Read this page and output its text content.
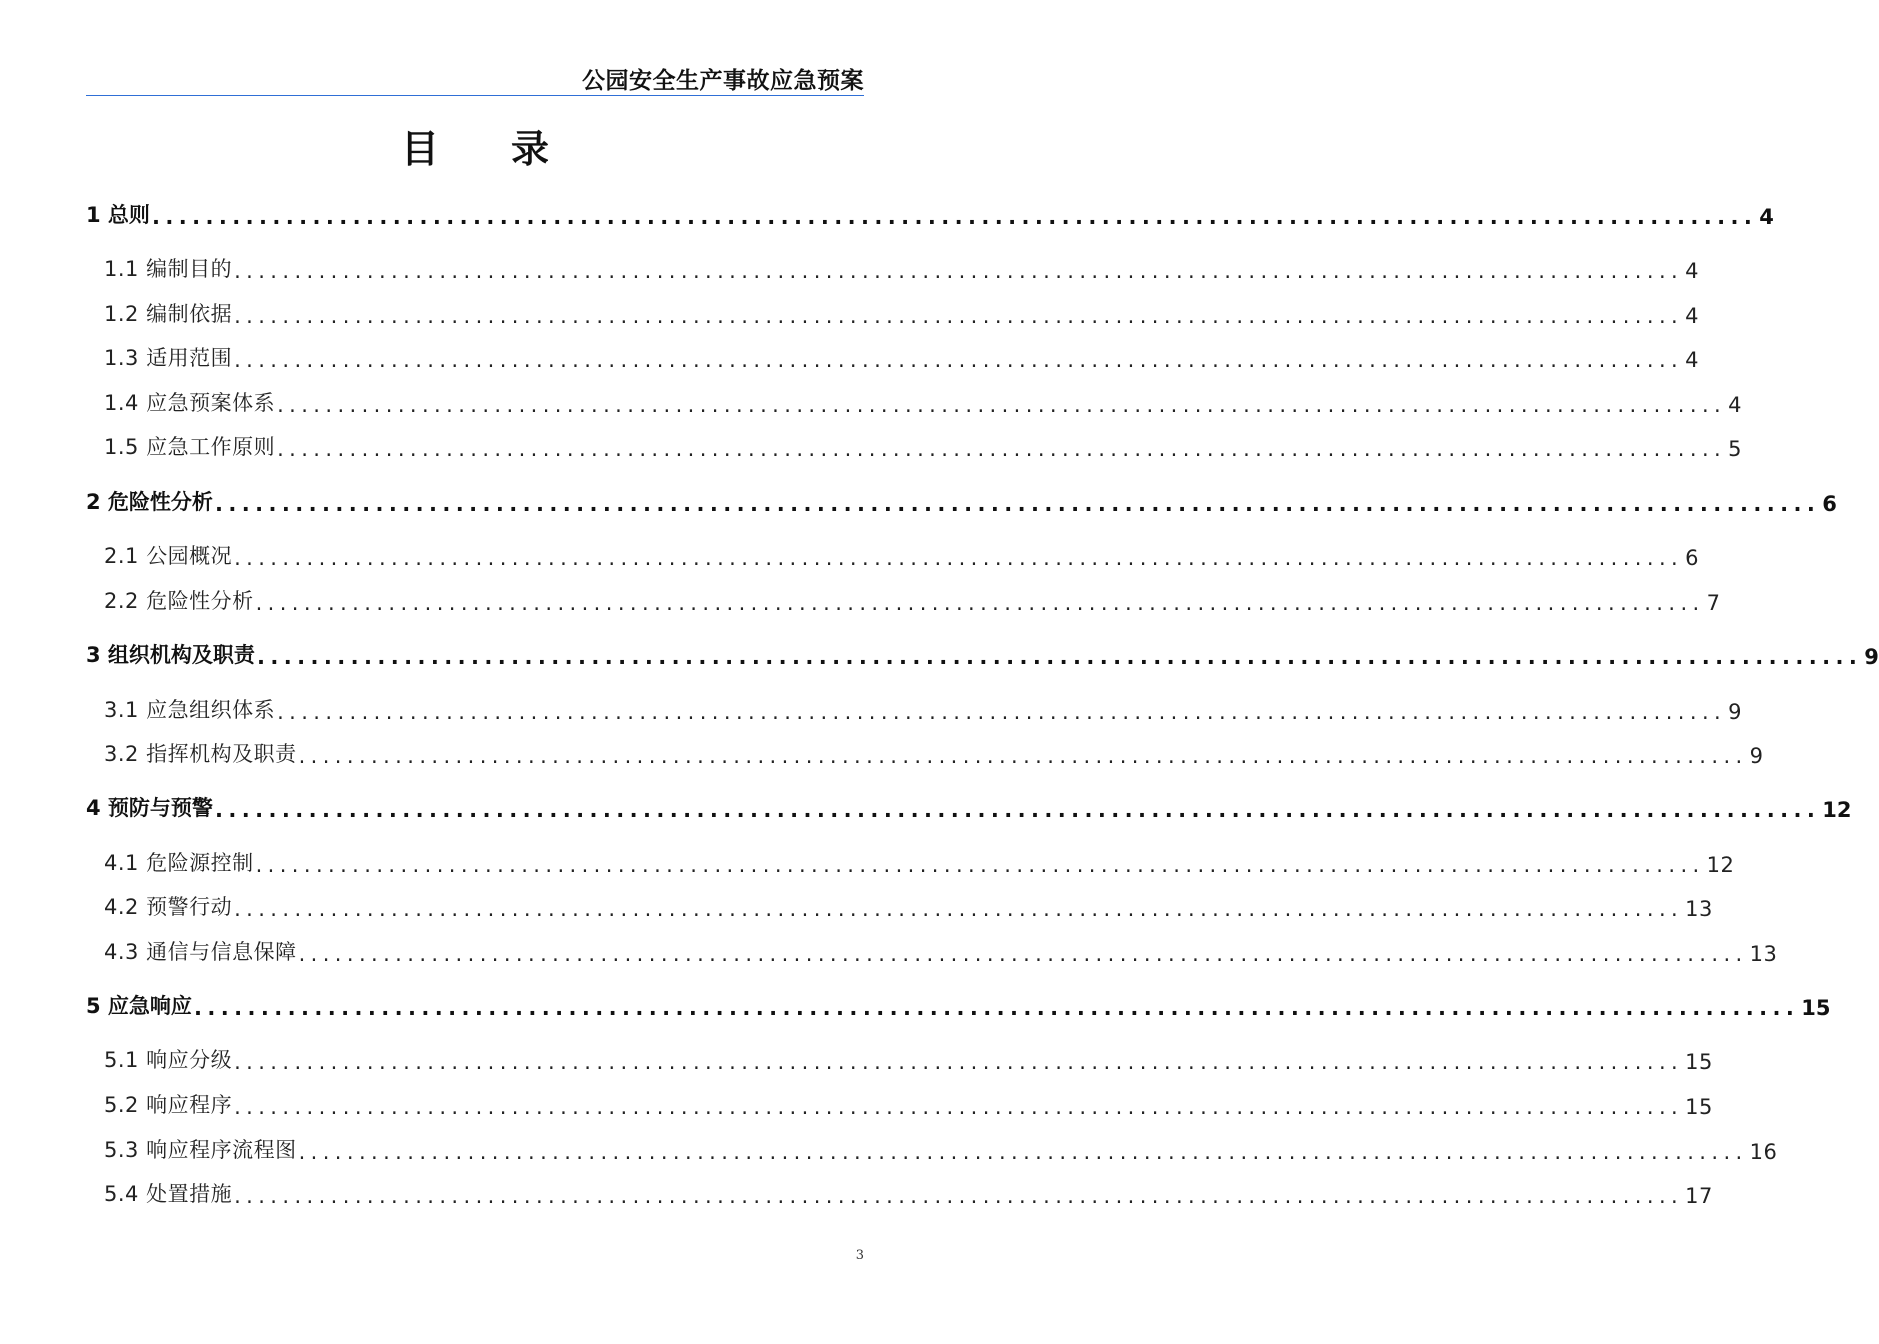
公园安全生产事故应急预案
目录
1 总则 ........................................................................................................................ 4
1.1 编制目的 ........................................................................................................................ 4
1.2 编制依据 ........................................................................................................................ 4
1.3 适用范围 ........................................................................................................................ 4
1.4 应急预案体系 ........................................................................................................................ 4
1.5 应急工作原则 ........................................................................................................................ 5
2 危险性分析 ........................................................................................................................ 6
2.1 公园概况 ........................................................................................................................ 6
2.2 危险性分析 ........................................................................................................................ 7
3 组织机构及职责 ........................................................................................................................ 9
3.1 应急组织体系 ........................................................................................................................ 9
3.2 指挥机构及职责 ........................................................................................................................ 9
4 预防与预警 ........................................................................................................................ 12
4.1 危险源控制 ........................................................................................................................ 12
4.2 预警行动 ........................................................................................................................ 13
4.3 通信与信息保障 ........................................................................................................................ 13
5 应急响应 ........................................................................................................................ 15
5.1 响应分级 ........................................................................................................................ 15
5.2 响应程序 ........................................................................................................................ 15
5.3 响应程序流程图 ........................................................................................................................ 16
5.4 处置措施 ........................................................................................................................ 17
3
